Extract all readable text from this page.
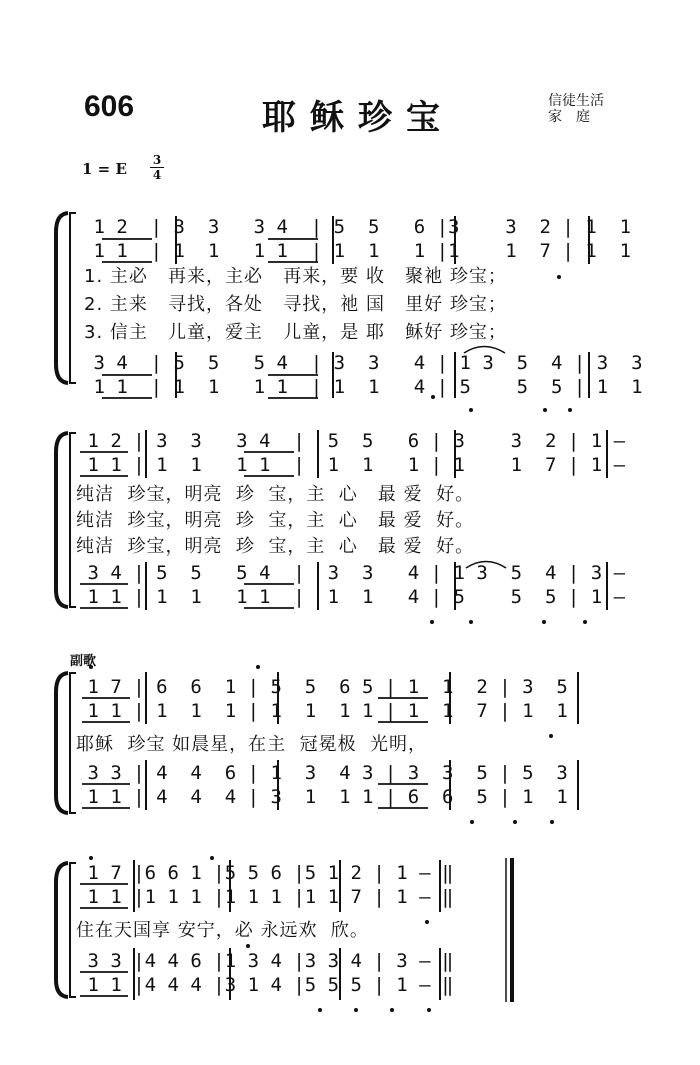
606	耶稣珍宝	信徒生活
家　庭
1 = E 3
4
1 2  | 3  3   3 4  | 5  5   6 |3    3  2 | 1  1
1 1  | 1  1   1 1  | 1  1   1 |1    1  7 | 1  1
1. 主必   再来，主必   再来，要 收   聚祂 珍宝；
2. 主来   寻找，各处   寻找，祂 国   里好 珍宝；
3. 信主   儿童，爱主   儿童，是 耶   稣好 珍宝；
3 4  | 5  5   5 4  | 3  3   4 | 1 3  5  4 | 3  3
1 1  | 1  1   1 1  | 1  1   4 | 5    5  5 | 1  1
1 2 | 3  3   3 4  |  5  5   6 | 3    3  2 | 1 –
1 1 | 1  1   1 1  |  1  1   1 | 1    1  7 | 1 –
纯洁  珍宝，明亮  珍  宝，主  心   最 爱  好。
纯洁  珍宝，明亮  珍  宝，主  心   最 爱  好。
纯洁  珍宝，明亮  珍  宝，主  心   最 爱  好。
3 4 | 5  5   5 4  |  3  3   4 | 1 3  5  4 | 3 –
1 1 | 1  1   1 1  |  1  1   4 | 5    5  5 | 1 –
副歌
1 7 | 6  6  1 | 5  5  6 5 | 1  1  2 | 3  5
1 1 | 1  1  1 | 1  1  1 1 | 1  1  7 | 1  1
耶稣  珍宝 如晨星，在主  冠冕极  光明，
3 3 | 4  4  6 | 1  3  4 3 | 3  3  5 | 5  3
1 1 | 4  4  4 | 3  1  1 1 | 6  6  5 | 1  1
1 7 |6 6 1 |5 5 6 |5 1 2 | 1 – ‖
1 1 |1 1 1 |1 1 1 |1 1 7 | 1 – ‖
住在天国享 安宁，必 永远欢  欣。
3 3 |4 4 6 |1 3 4 |3 3 4 | 3 – ‖
1 1 |4 4 4 |3 1 4 |5 5 5 | 1 – ‖
